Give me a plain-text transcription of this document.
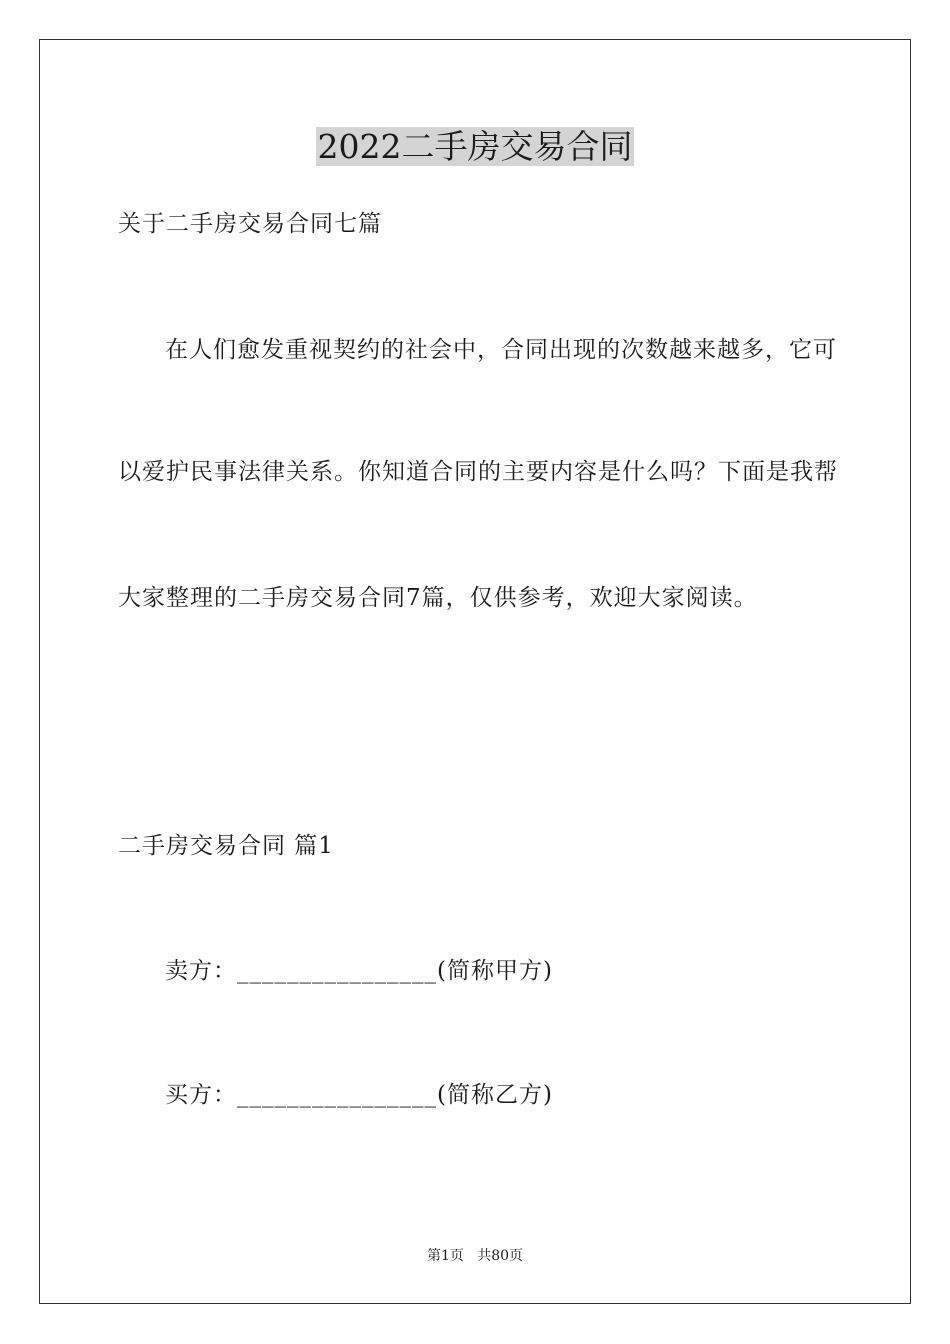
2022二手房交易合同
关于二手房交易合同七篇
在人们愈发重视契约的社会中，合同出现的次数越来越多，它可
以爱护民事法律关系。你知道合同的主要内容是什么吗？下面是我帮
大家整理的二手房交易合同7篇，仅供参考，欢迎大家阅读。
二手房交易合同 篇1
卖方：________________(简称甲方)
买方：________________(简称乙方)
第1页   共80页
